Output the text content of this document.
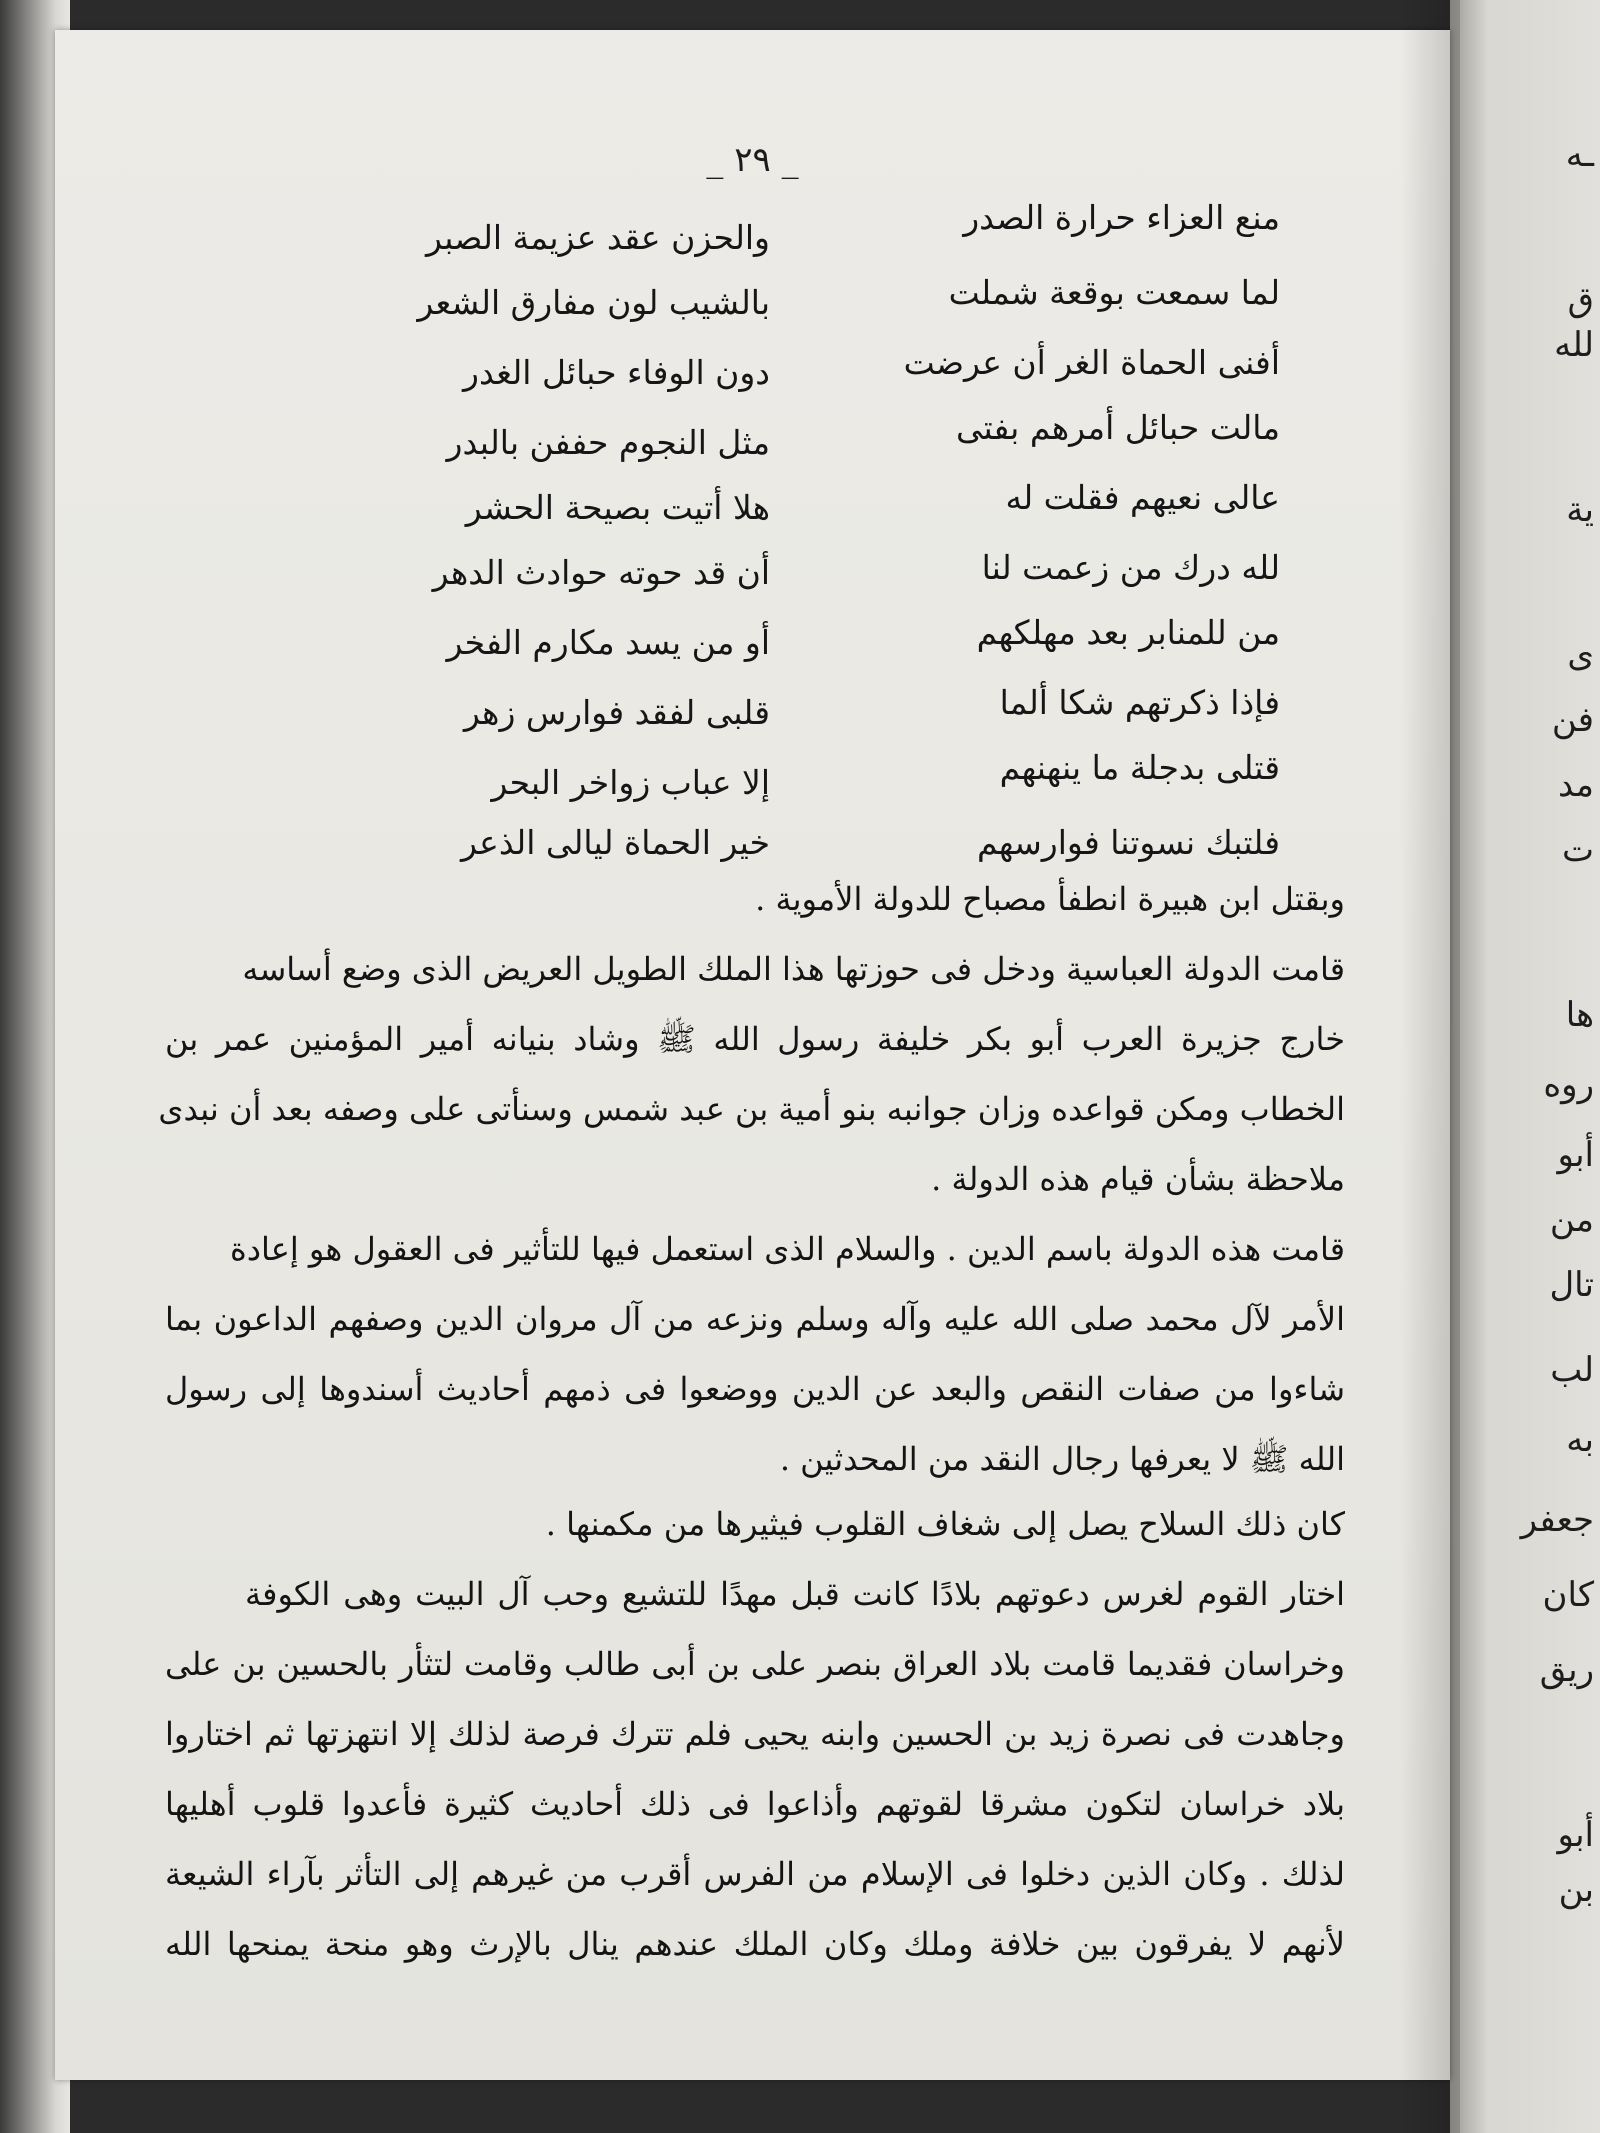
ـه
ق
لله
ية
ى
فن
مد
ت
ها
روه
أبو
من
تال
لب
به
جعفر
كان
ريق
أبو
بن
_ ٢٩ _
منع العزاء حرارة الصدر
والحزن عقد عزيمة الصبر
لما سمعت بوقعة شملت
بالشيب لون مفارق الشعر
أفنى الحماة الغر أن عرضت
دون الوفاء حبائل الغدر
مالت حبائل أمرهم بفتى
مثل النجوم حففن بالبدر
عالى نعيهم فقلت له
هلا أتيت بصيحة الحشر
لله درك من زعمت لنا
أن قد حوته حوادث الدهر
من للمنابر بعد مهلكهم
أو من يسد مكارم الفخر
فإذا ذكرتهم شكا ألما
قلبى لفقد فوارس زهر
قتلى بدجلة ما ينهنهم
إلا عباب زواخر البحر
فلتبك نسوتنا فوارسهم
خير الحماة ليالى الذعر
وبقتل ابن هبيرة انطفأ مصباح للدولة الأموية .
قامت الدولة العباسية ودخل فى حوزتها هذا الملك الطويل العريض الذى وضع أساسه
خارج جزيرة العرب أبو بكر خليفة رسول الله ﷺ وشاد بنيانه أمير المؤمنين عمر بن
الخطاب ومكن قواعده وزان جوانبه بنو أمية بن عبد شمس وسنأتى على وصفه بعد أن نبدى
ملاحظة بشأن قيام هذه الدولة .
قامت هذه الدولة باسم الدين . والسلام الذى استعمل فيها للتأثير فى العقول هو إعادة
الأمر لآل محمد صلى الله عليه وآله وسلم ونزعه من آل مروان الدين وصفهم الداعون بما
شاءوا من صفات النقص والبعد عن الدين ووضعوا فى ذمهم أحاديث أسندوها إلى رسول
الله ﷺ لا يعرفها رجال النقد من المحدثين .
كان ذلك السلاح يصل إلى شغاف القلوب فيثيرها من مكمنها .
اختار القوم لغرس دعوتهم بلادًا كانت قبل مهدًا للتشيع وحب آل البيت وهى الكوفة
وخراسان فقديما قامت بلاد العراق بنصر على بن أبى طالب وقامت لتثأر بالحسين بن على
وجاهدت فى نصرة زيد بن الحسين وابنه يحيى فلم تترك فرصة لذلك إلا انتهزتها ثم اختاروا
بلاد خراسان لتكون مشرقا لقوتهم وأذاعوا فى ذلك أحاديث كثيرة فأعدوا قلوب أهليها
لذلك . وكان الذين دخلوا فى الإسلام من الفرس أقرب من غيرهم إلى التأثر بآراء الشيعة
لأنهم لا يفرقون بين خلافة وملك وكان الملك عندهم ينال بالإرث وهو منحة يمنحها الله
